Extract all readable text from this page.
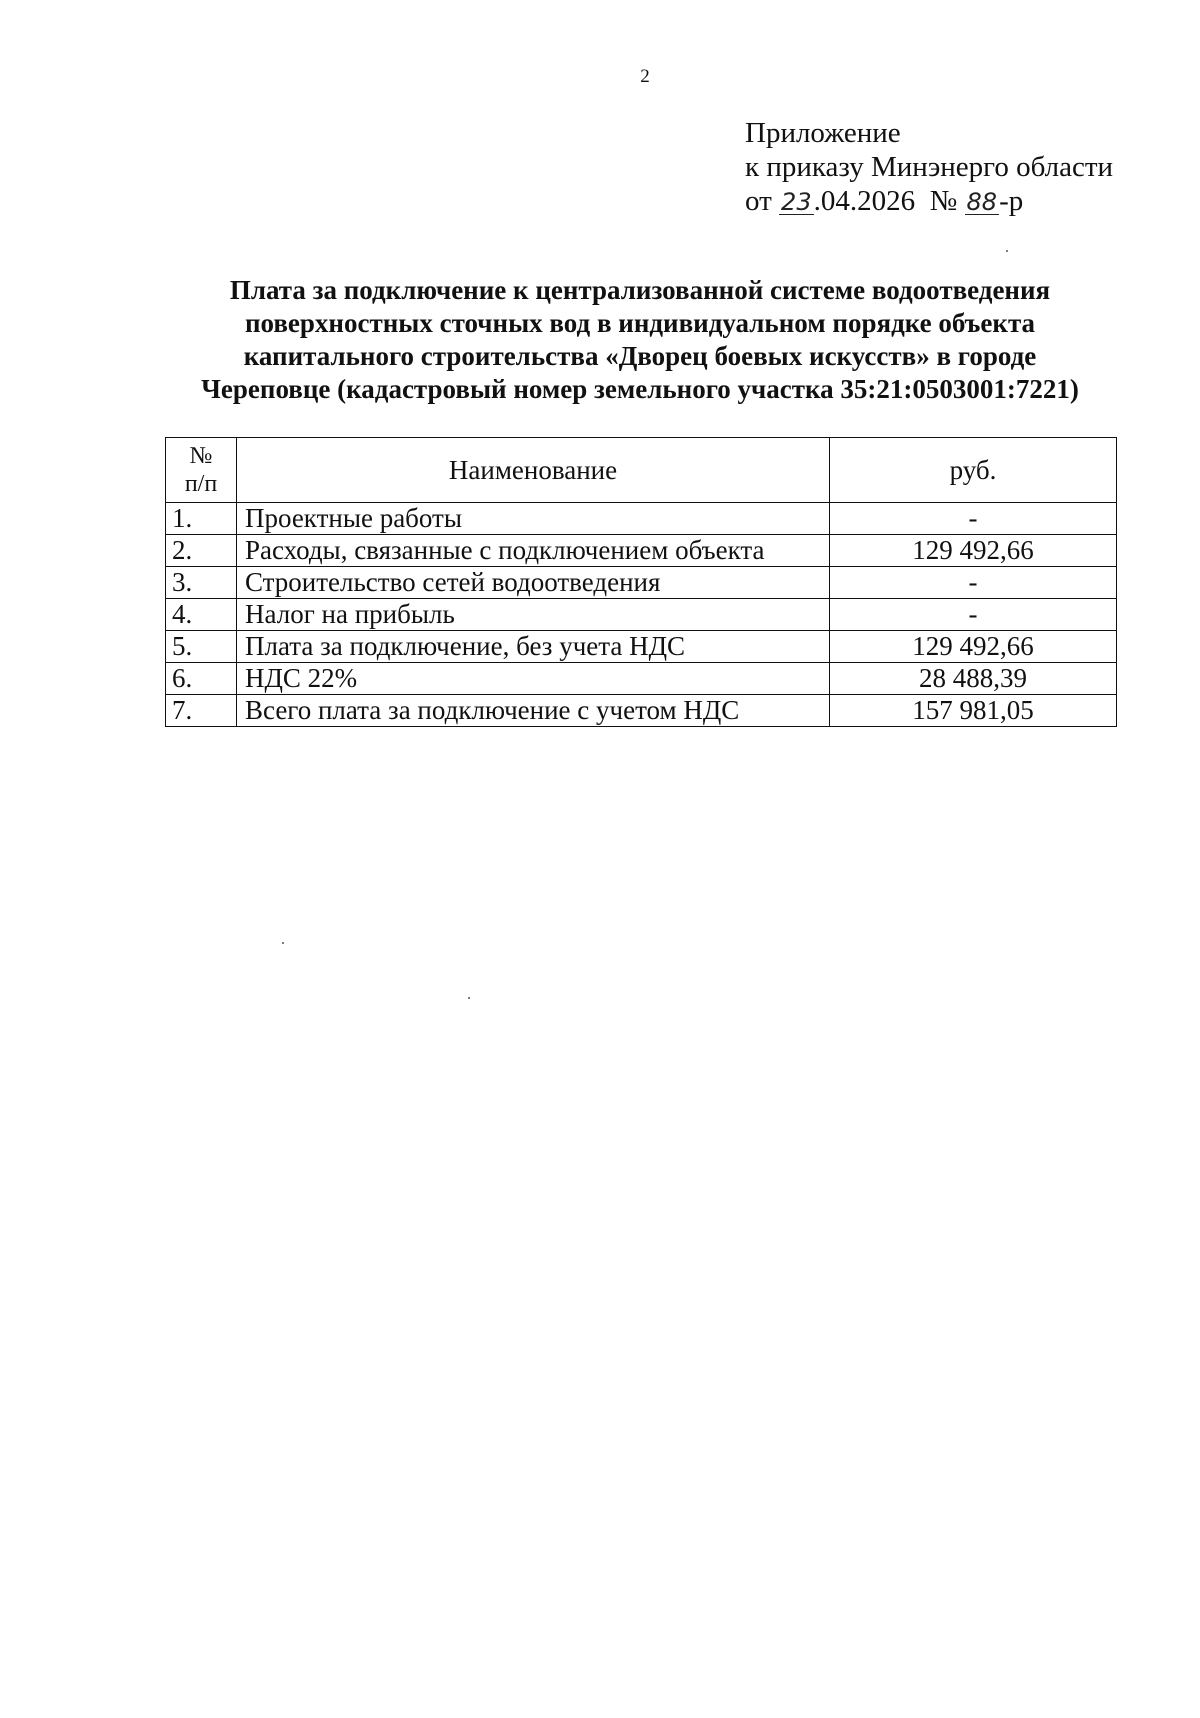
2
Приложение
к приказу Минэнерго области
от 23.04.2026 № 88-р
Плата за подключение к централизованной системе водоотведения
поверхностных сточных вод в индивидуальном порядке объекта
капитального строительства «Дворец боевых искусств» в городе
Череповце (кадастровый номер земельного участка 35:21:0503001:7221)
№
п/п	Наименование	руб.
1.	Проектные работы	-
2.	Расходы, связанные с подключением объекта	129 492,66
3.	Строительство сетей водоотведения	-
4.	Налог на прибыль	-
5.	Плата за подключение, без учета НДС	129 492,66
6.	НДС 22%	28 488,39
7.	Всего плата за подключение с учетом НДС	157 981,05
